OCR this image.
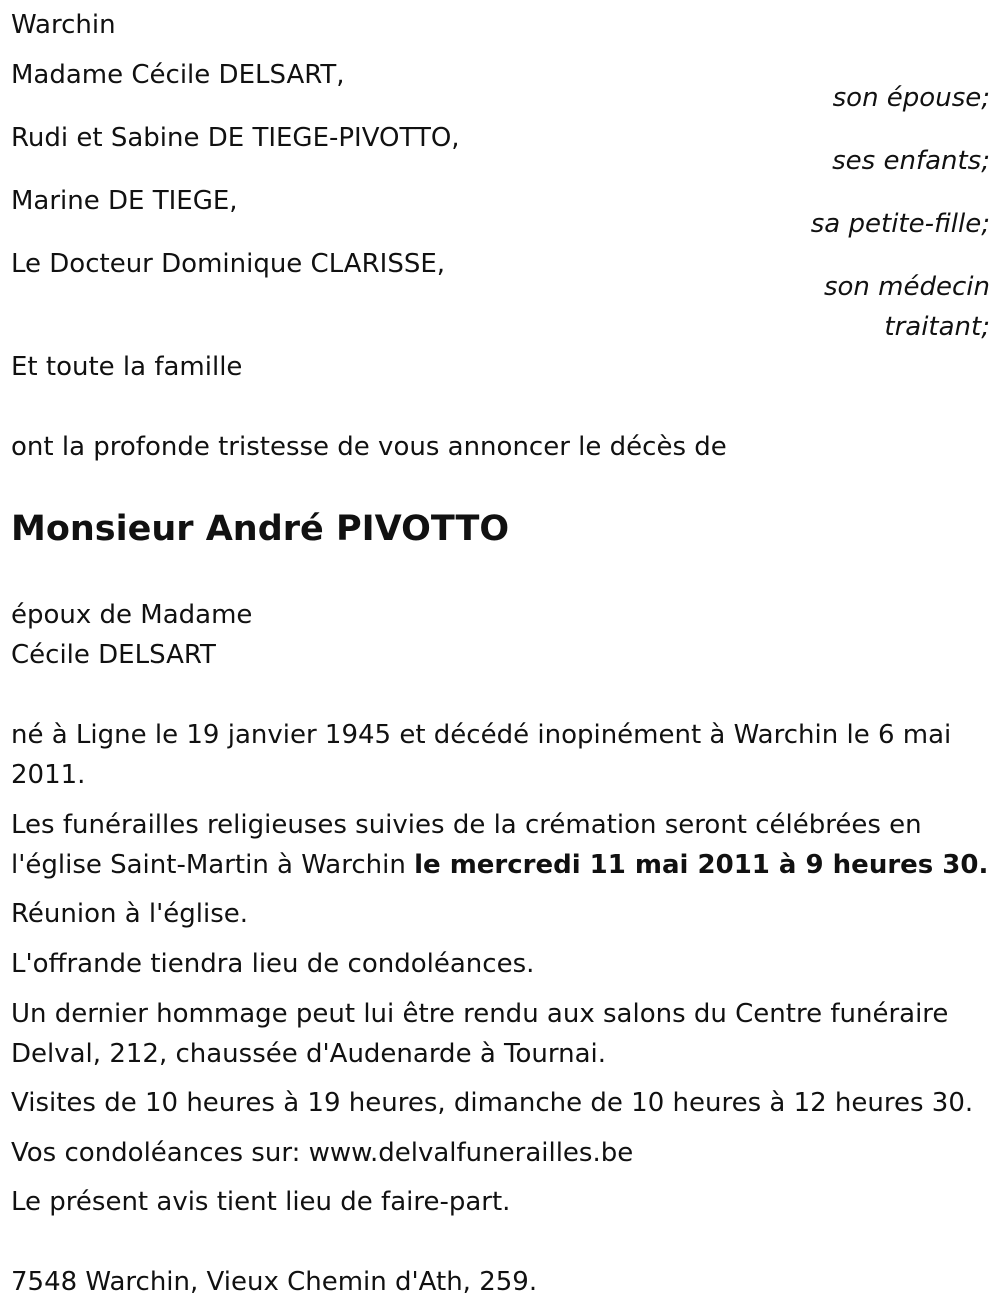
Warchin

Madame Cécile DELSART,

son épouse;

Rudi et Sabine DE TIEGE-PIVOTTO,

ses enfants;

Marine DE TIEGE,

sa petite-fille;

Le Docteur Dominique CLARISSE,

son médecin

traitant;

Et toute la famille

ont la profonde tristesse de vous annoncer le décès de

Monsieur André PIVOTTO

époux de Madame

Cécile DELSART

né à Ligne le 19 janvier 1945 et décédé inopinément à Warchin le 6 mai 2011.

Les funérailles religieuses suivies de la crémation seront célébrées en l'église Saint-Martin à Warchin le mercredi 11 mai 2011 à 9 heures 30.

Réunion à l'église.

L'offrande tiendra lieu de condoléances.

Un dernier hommage peut lui être rendu aux salons du Centre funéraire Delval, 212, chaussée d'Audenarde à Tournai.

Visites de 10 heures à 19 heures, dimanche de 10 heures à 12 heures 30.

Vos condoléances sur: www.delvalfunerailles.be

Le présent avis tient lieu de faire-part.

7548 Warchin, Vieux Chemin d'Ath, 259.
